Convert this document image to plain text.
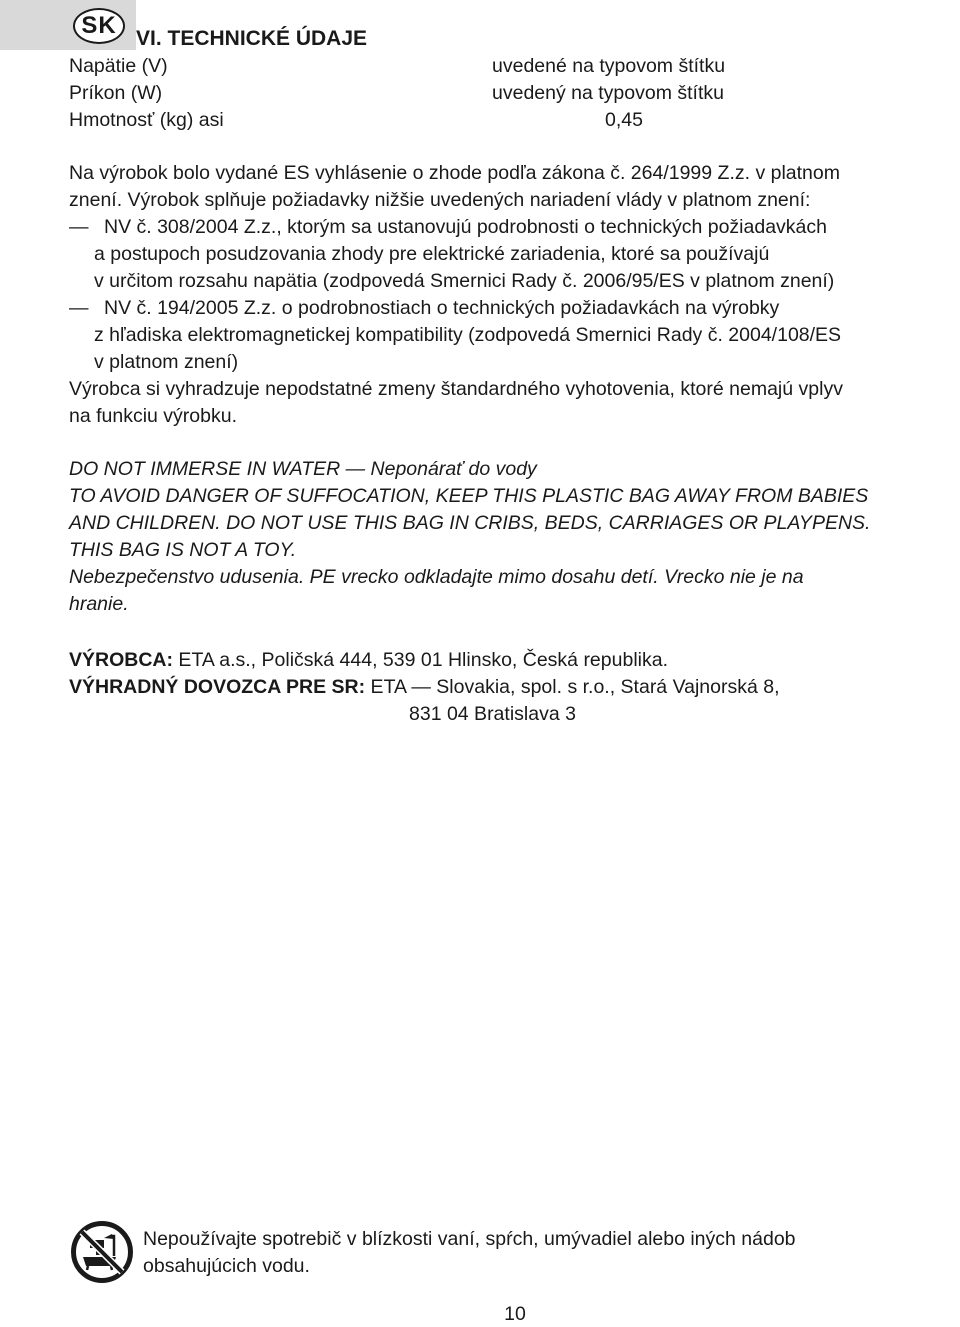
SK VI. TECHNICKÉ ÚDAJE
Napätie (V)	uvedené na typovom štítku
Príkon (W)	uvedený na typovom štítku
Hmotnosť (kg) asi	0,45
Na výrobok bolo vydané ES vyhlásenie o zhode podľa zákona č. 264/1999 Z.z. v platnom
znení. Výrobok splňuje požiadavky nižšie uvedených nariadení vlády v platnom znení:
— NV č. 308/2004 Z.z., ktorým sa ustanovujú podrobnosti o technických požiadavkách
a postupoch posudzovania zhody pre elektrické zariadenia, ktoré sa používajú
v určitom rozsahu napätia (zodpovedá Smernici Rady č. 2006/95/ES v platnom znení)
— NV č. 194/2005 Z.z. o podrobnostiach o technických požiadavkách na výrobky
z hľadiska elektromagnetickej kompatibility (zodpovedá Smernici Rady č. 2004/108/ES
v platnom znení)
Výrobca si vyhradzuje nepodstatné zmeny štandardného vyhotovenia, ktoré nemajú vplyv
na funkciu výrobku.
DO NOT IMMERSE IN WATER — Neponárať do vody
TO AVOID DANGER OF SUFFOCATION, KEEP THIS PLASTIC BAG AWAY FROM BABIES
AND CHILDREN. DO NOT USE THIS BAG IN CRIBS, BEDS, CARRIAGES OR PLAYPENS.
THIS BAG IS NOT A TOY.
Nebezpečenstvo udusenia. PE vrecko odkladajte mimo dosahu detí. Vrecko nie je na
hranie.
VÝROBCA: ETA a.s., Poličská 444, 539 01 Hlinsko, Česká republika.
VÝHRADNÝ DOVOZCA PRE SR: ETA — Slovakia, spol. s r.o., Stará Vajnorská 8,
831 04 Bratislava 3
Nepoužívajte spotrebič v blízkosti vaní, spŕch, umývadiel alebo iných nádob
obsahujúcich vodu.
10
